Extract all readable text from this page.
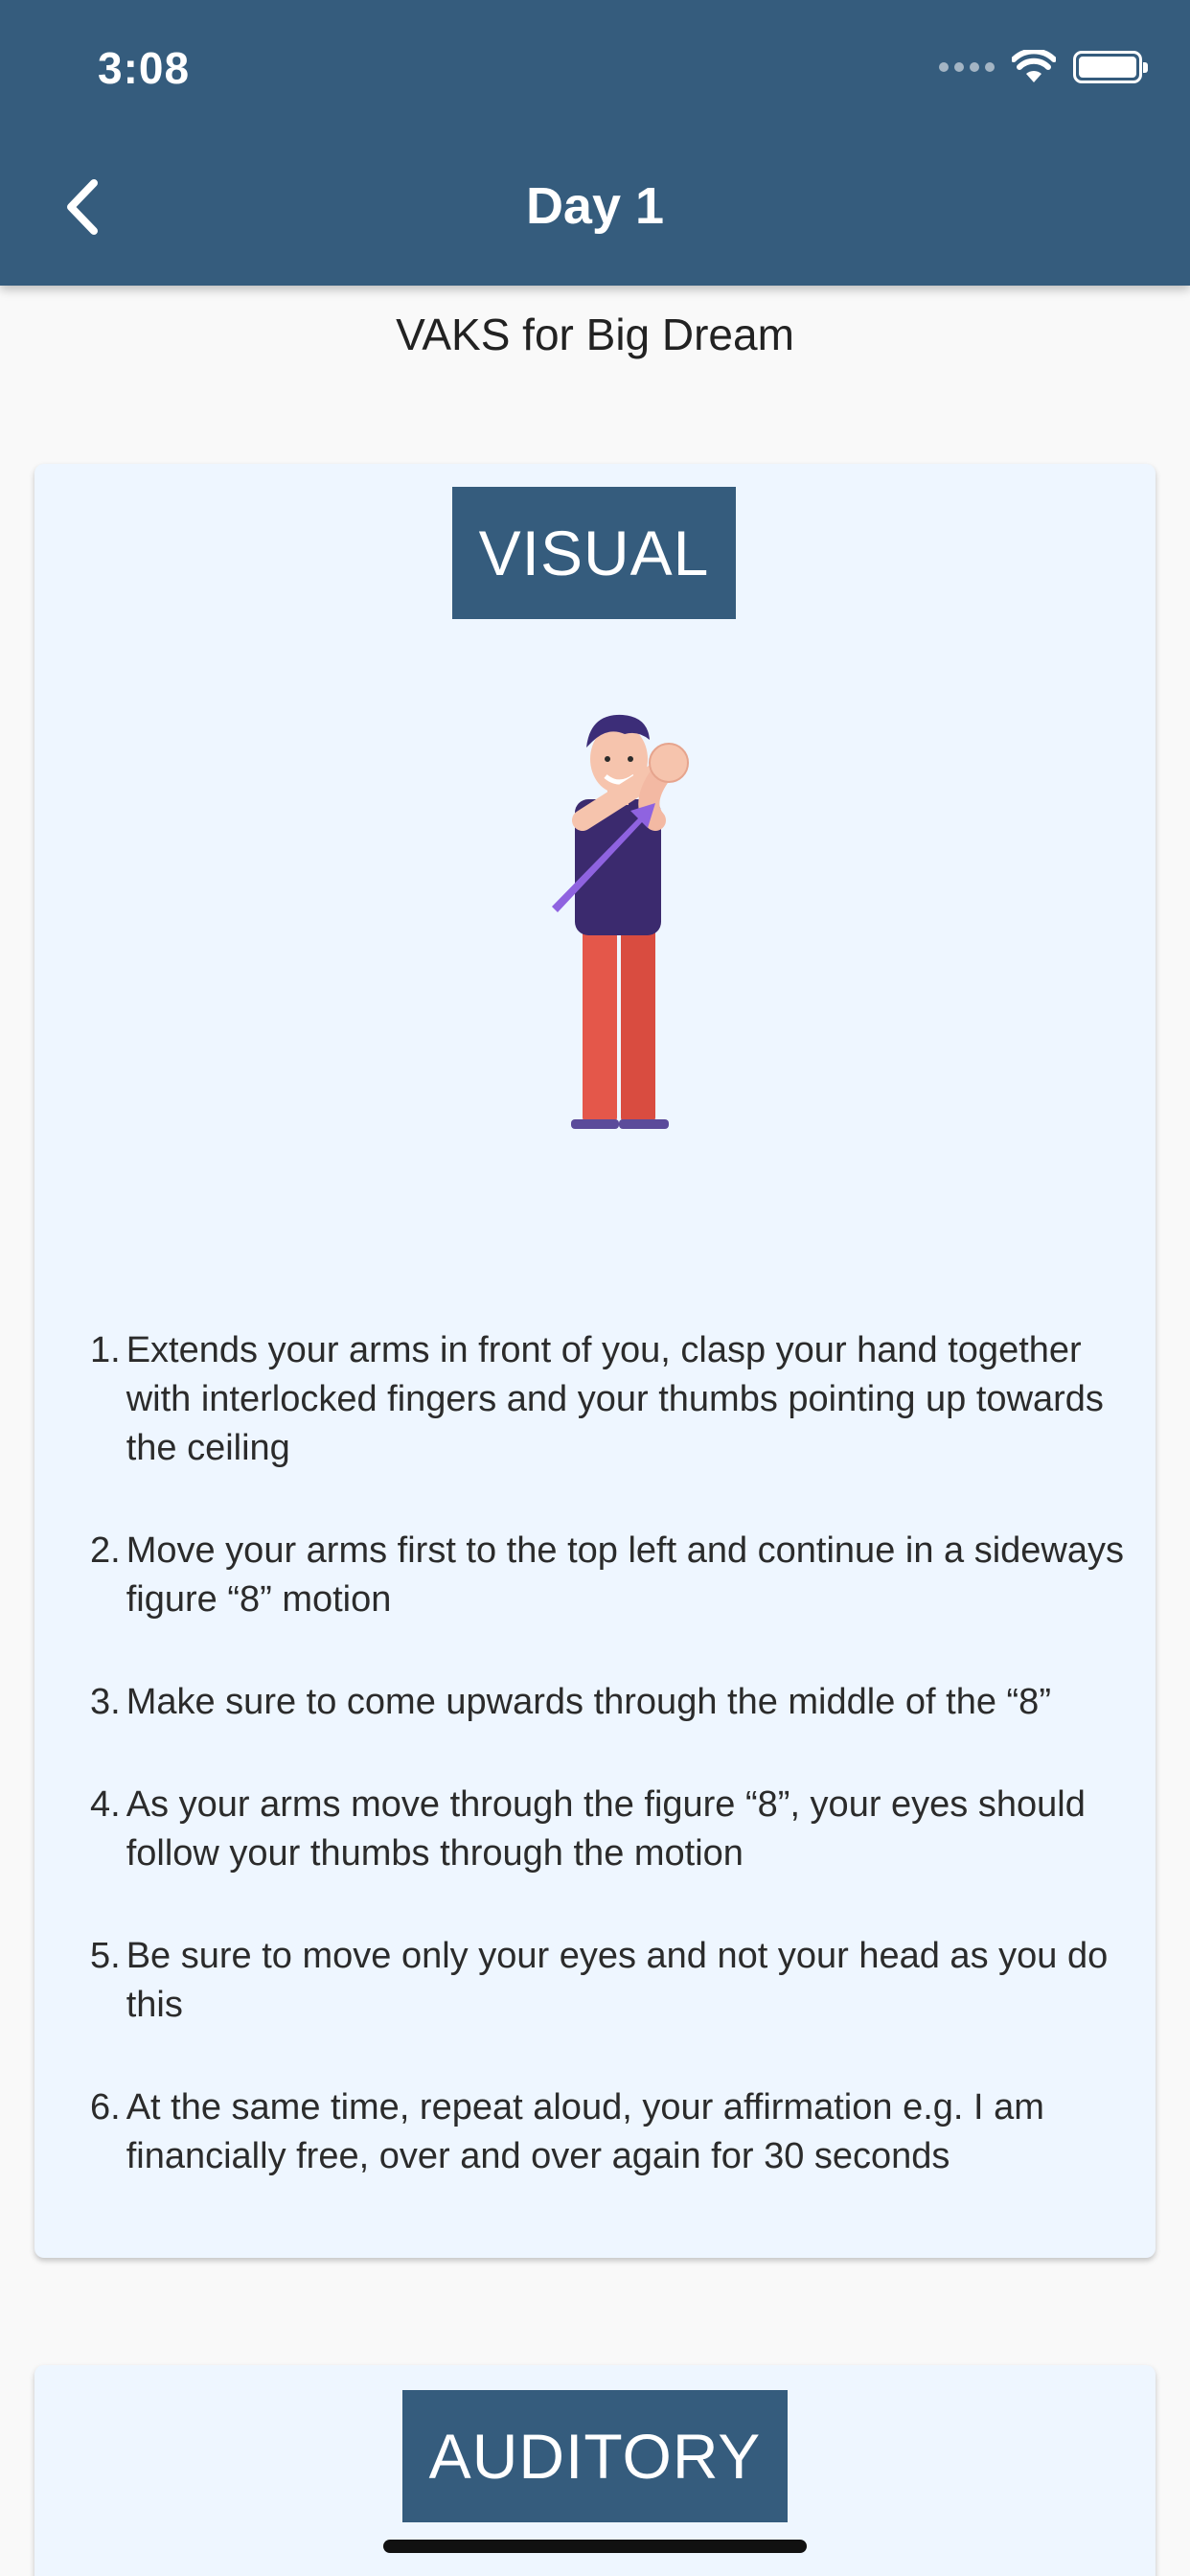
3:08
Day 1
VAKS for Big Dream
VISUAL
1. Extends your arms in front of you, clasp your hand together with interlocked fingers and your thumbs pointing up towards the ceiling
2. Move your arms first to the top left and continue in a sideways figure “8” motion
3. Make sure to come upwards through the middle of the “8”
4. As your arms move through the figure “8”, your eyes should follow your thumbs through the motion
5. Be sure to move only your eyes and not your head as you do this
6. At the same time, repeat aloud, your affirmation e.g. I am financially free, over and over again for 30 seconds
AUDITORY
